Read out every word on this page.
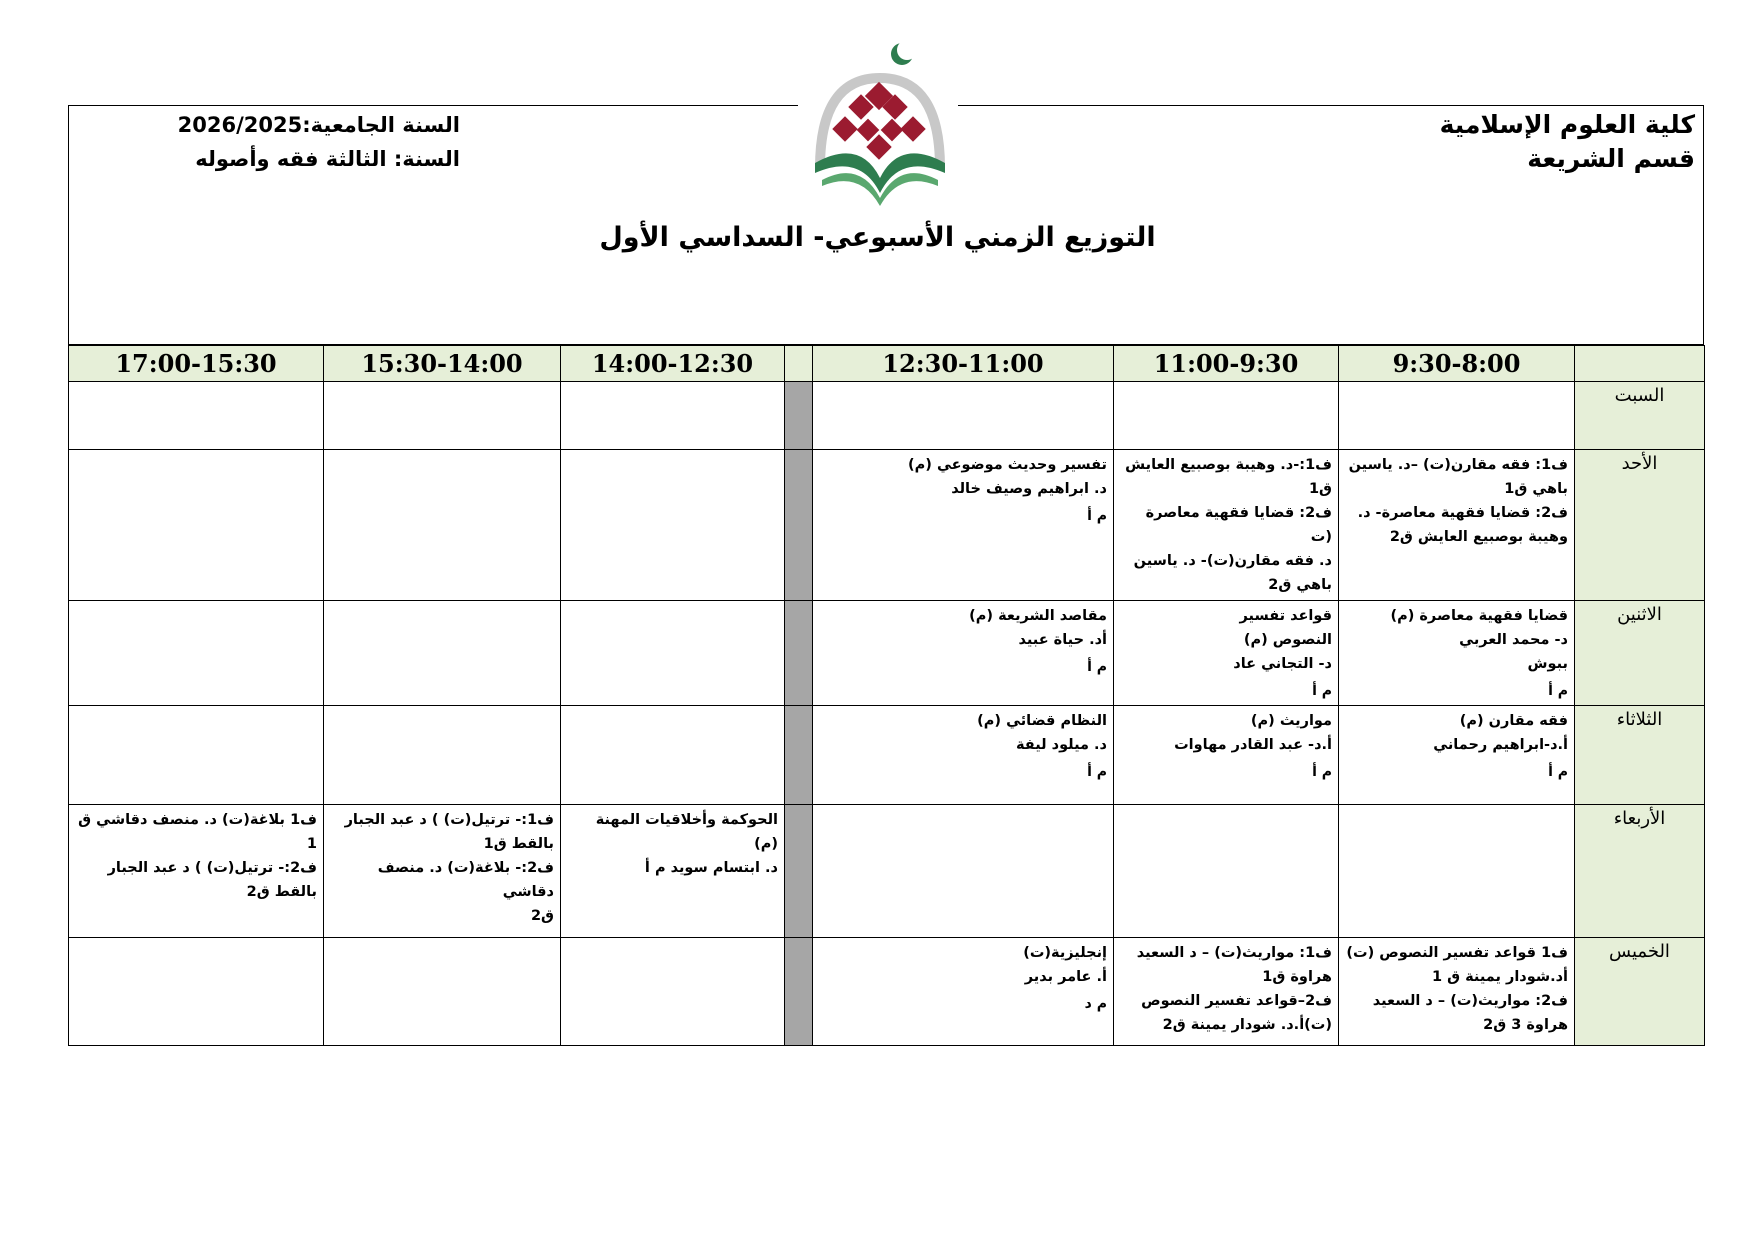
كلية العلوم الإسلامية
قسم الشريعة
السنة الجامعية:2026/2025
السنة: الثالثة فقه وأصوله
التوزيع الزمني الأسبوعي- السداسي الأول
	9:30-8:00	11:00-9:30	12:30-11:00		14:00-12:30	15:30-14:00	17:00-15:30
السبت							
الأحد	ف1: فقه مقارن(ت) –د. ياسين
باهي ق1
ف2: قضايا فقهية معاصرة- د.
وهيبة بوصبيع العايش ق2	ف1:-د. وهيبة بوصبيع العايش
ق1
ف2: قضايا فقهية معاصرة (ت
د. فقه مقارن(ت)- د. ياسين
باهي ق2	تفسير وحديث موضوعي (م)
د. ابراهيم وصيف خالد
م أ				

الاثنين	قضايا فقهية معاصرة (م)
د- محمد العربي
ببوش
م أ	قواعد تفسير
النصوص (م)
د- التجاني عاد
م أ	مقاصد الشريعة (م)
أد. حياة عبيد
م أ				

الثلاثاء	فقه مقارن (م)
أ.د-ابراهيم رحماني
م أ	مواريث (م)
أ.د- عبد القادر مهاوات
م أ	النظام قضائي (م)
د. ميلود ليفة
م أ				

الأربعاء					الحوكمة وأخلاقيات المهنة
(م)
د. ابتسام سويد م أ	ف1:- ترتيل(ت) ) د عبد الجبار
بالقط ق1
ف2:- بلاغة(ت) د. منصف دقاشي
ق2	ف1 بلاغة(ت) د. منصف دقاشي ق
1
ف2:- ترتيل(ت) ) د عبد الجبار
بالقط ق2

الخميس	ف1 قواعد تفسير النصوص (ت)
أد.شودار يمينة ق 1
ف2: مواريث(ت) – د السعيد
هراوة 3 ق2	ف1: مواريث(ت) – د السعيد
هراوة ق1
ف2–قواعد تفسير النصوص
(ت)أ.د. شودار يمينة ق2	إنجليزية(ت)
أ. عامر بدير
م د				
